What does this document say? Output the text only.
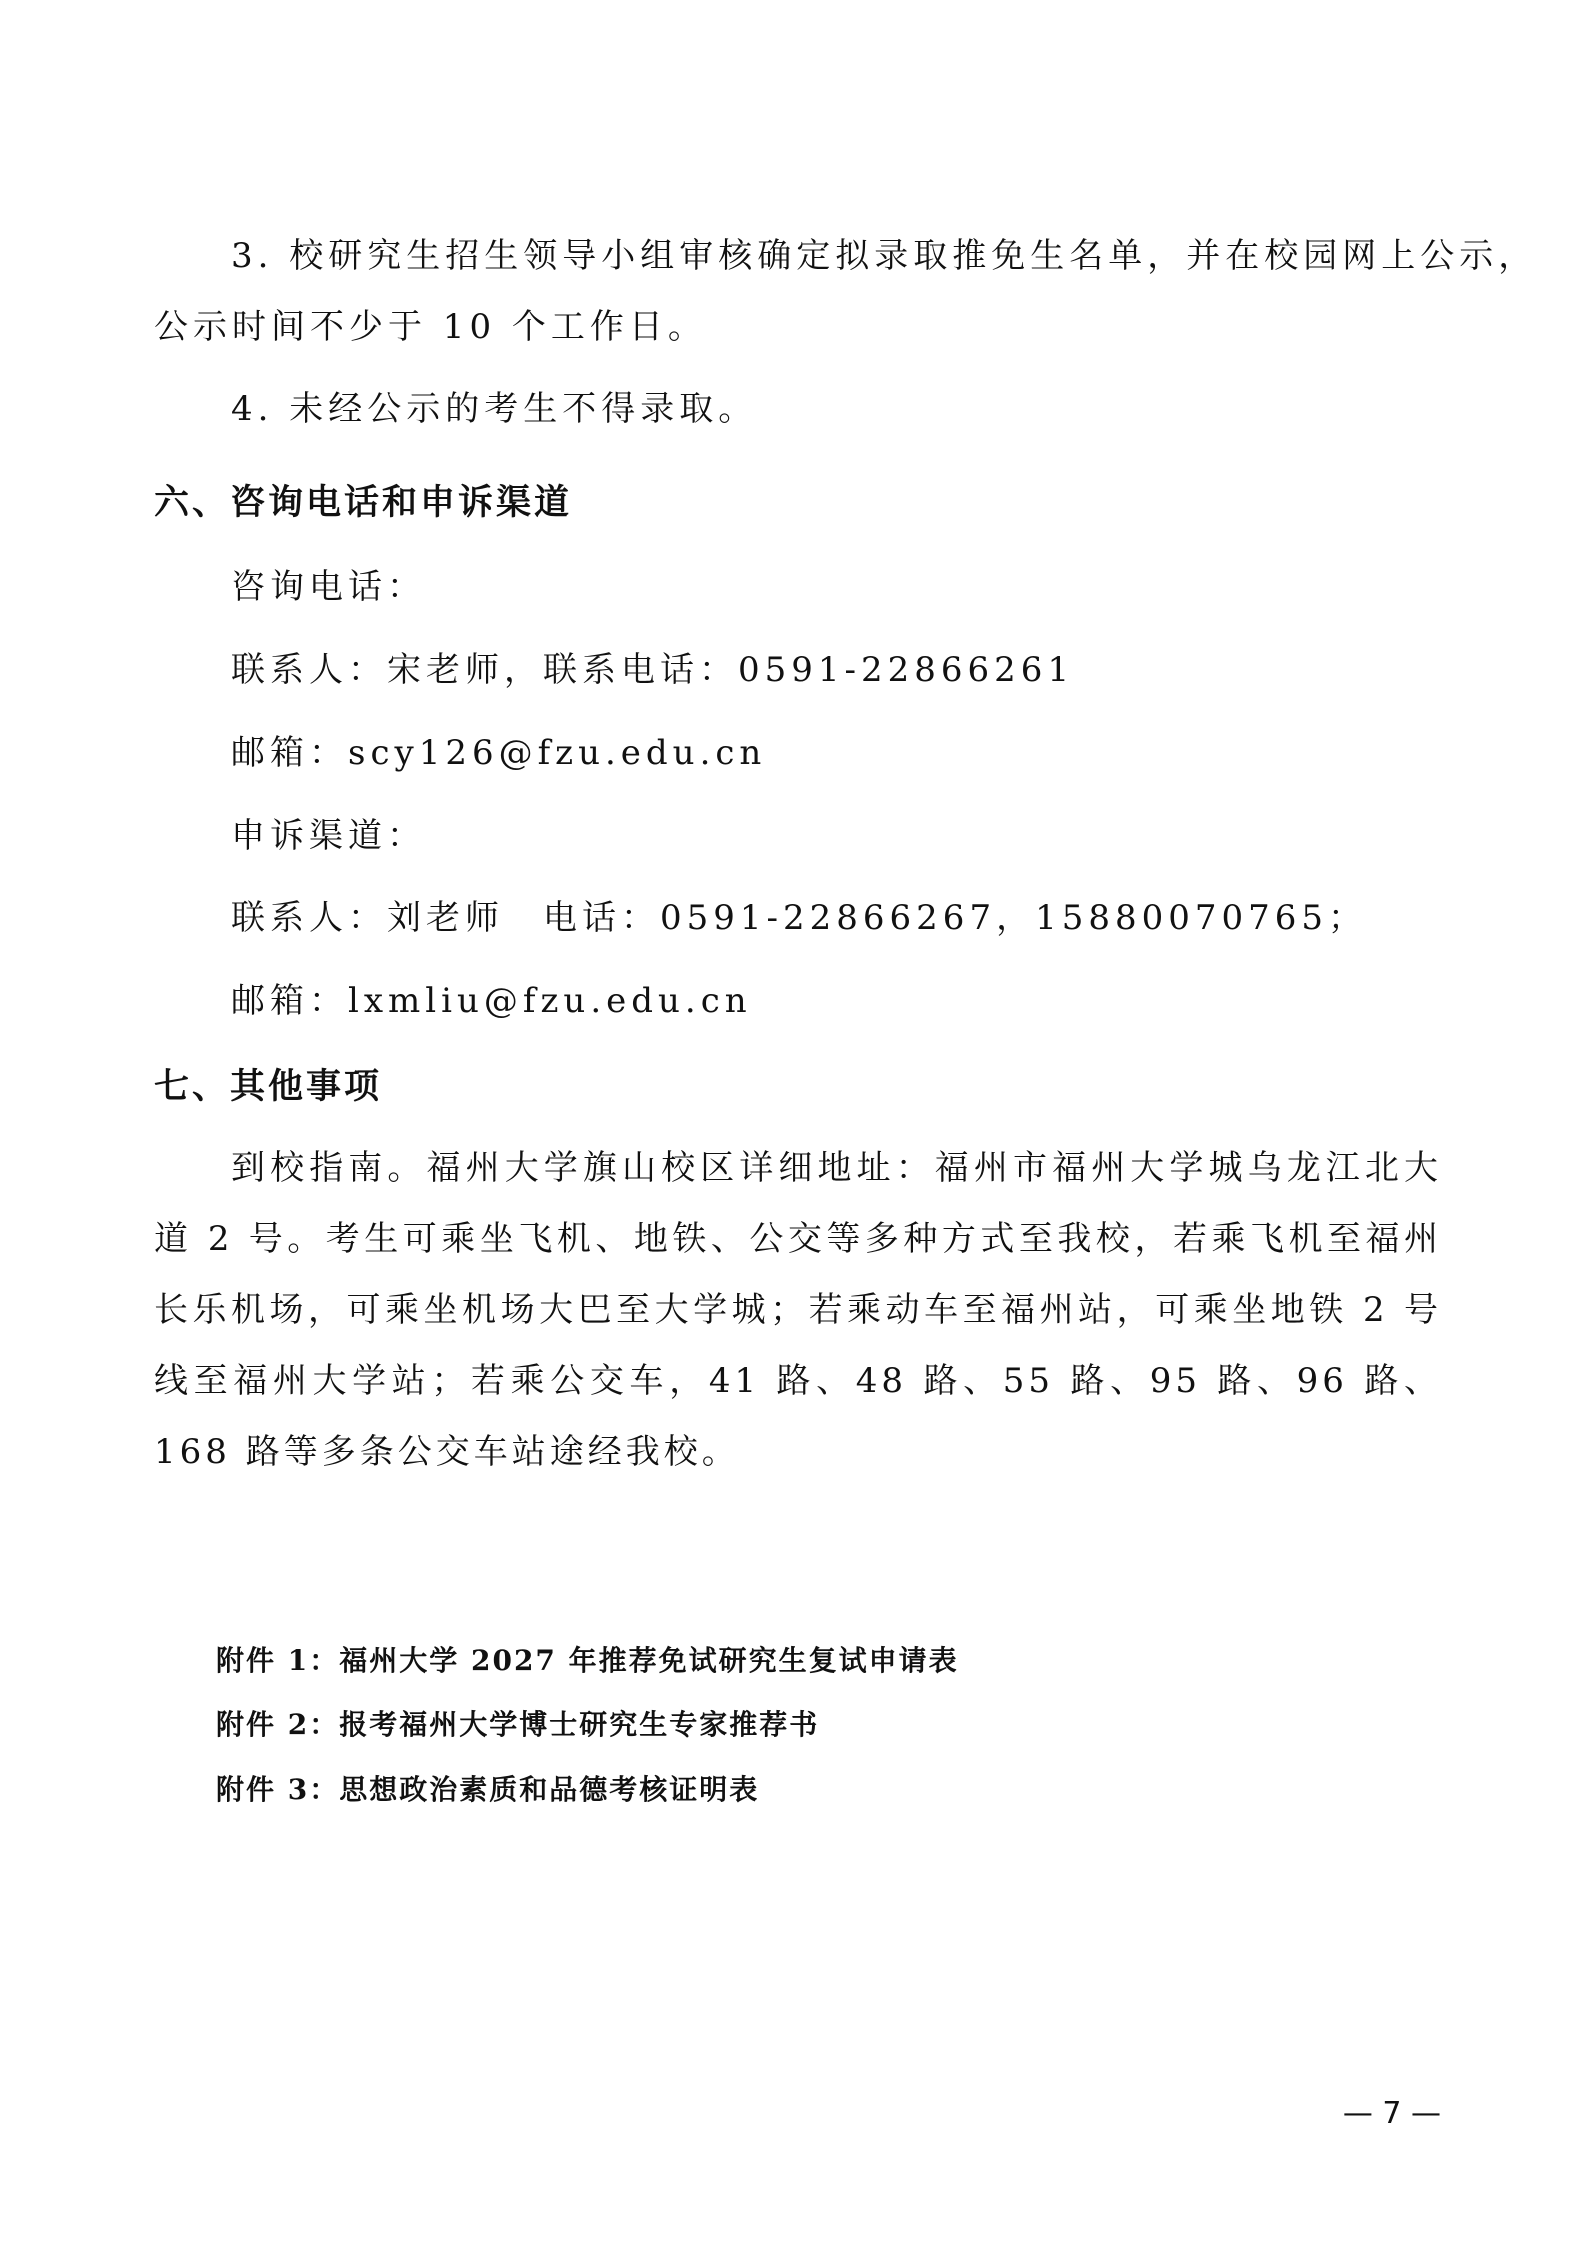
3. 校研究生招生领导小组审核确定拟录取推免生名单，并在校园网上公示，
公示时间不少于 10 个工作日。
4. 未经公示的考生不得录取。
六、咨询电话和申诉渠道
咨询电话：
联系人：宋老师，联系电话：0591-22866261
邮箱：scy126@fzu.edu.cn
申诉渠道：
联系人：刘老师　电话：0591-22866267，15880070765；
邮箱：lxmliu@fzu.edu.cn
七、其他事项
到校指南。福州大学旗山校区详细地址：福州市福州大学城乌龙江北大道 2 号。考生可乘坐飞机、地铁、公交等多种方式至我校，若乘飞机至福州长乐机场，可乘坐机场大巴至大学城；若乘动车至福州站，可乘坐地铁 2 号线至福州大学站；若乘公交车，41 路、48 路、55 路、95 路、96 路、168 路等多条公交车站途经我校。
附件 1：福州大学 2027 年推荐免试研究生复试申请表
附件 2：报考福州大学博士研究生专家推荐书
附件 3：思想政治素质和品德考核证明表
— 7 —
